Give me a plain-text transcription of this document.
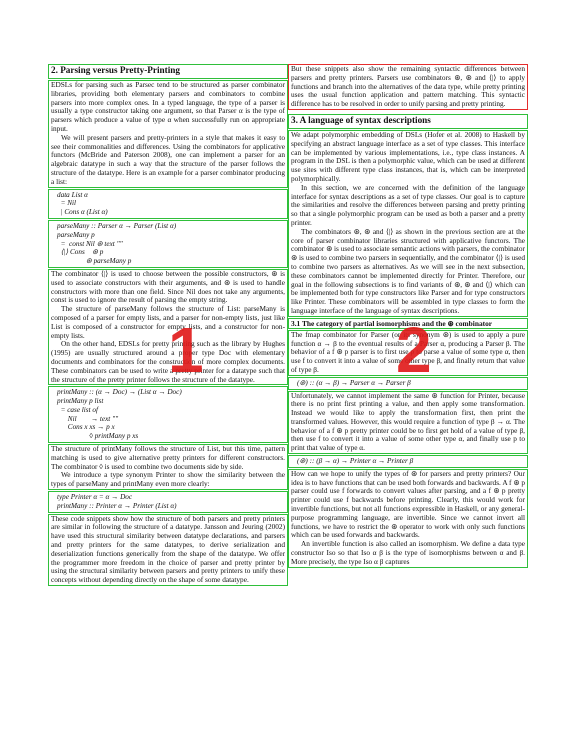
2. Parsing versus Pretty-Printing

EDSLs for parsing such as Parsec tend to be structured as parser combinator libraries, providing both elementary parsers and combinators to combine parsers into more complex ones. In a typed language, the type of a parser is usually a type constructor taking one argument, so that Parser α is the type of parsers which produce a value of type α when successfully run on appropriate input.

We will present parsers and pretty-printers in a style that makes it easy to see their commonalities and differences. Using the combinators for applicative functors (McBride and Paterson 2008), one can implement a parser for an algebraic datatype in such a way that the structure of the parser follows the structure of the datatype. Here is an example for a parser combinator producing a list:

data List α
= Nil
| Cons α (List α)
parseMany :: Parser α → Parser (List α)
parseMany p
=  const Nil ⊛ text ""
⟨|⟩ Cons    ⊛ p
⊛ parseMany p

The combinator ⟨|⟩ is used to choose between the possible constructors, ⊛ is used to associate constructors with their arguments, and ⊛ is used to handle constructors with more than one field. Since Nil does not take any arguments, const is used to ignore the result of parsing the empty string.

The structure of parseMany follows the structure of List: parseMany is composed of a parser for empty lists, and a parser for non-empty lists, just like List is composed of a constructor for empty lists, and a constructor for non-empty lists.

On the other hand, EDSLs for pretty printing such as the library by Hughes (1995) are usually structured around a proper type Doc with elementary documents and combinators for the construction of more complex documents. These combinators can be used to write a pretty printer for a datatype such that the structure of the pretty printer follows the structure of the datatype.

printMany :: (α → Doc) → (List α → Doc)
printMany p list
= case list of
Nil        → text ""
Cons x xs → p x
◊ printMany p xs

The structure of printMany follows the structure of List, but this time, pattern matching is used to give alternative pretty printers for different constructors. The combinator ◊ is used to combine two documents side by side.

We introduce a type synonym Printer to show the similarity between the types of parseMany and printMany even more clearly:

type Printer α = α → Doc
printMany :: Printer α → Printer (List α)

These code snippets show how the structure of both parsers and pretty printers are similar in following the structure of a datatype. Jansson and Jeuring (2002) have used this structural similarity between datatype declarations, and parsers and pretty printers for the same datatypes, to derive serialization and deserialization functions generically from the shape of the datatype. We offer the programmer more freedom in the choice of parser and pretty printer by using the structural similarity between parsers and pretty printers to unify these concepts without depending directly on the shape of some datatype.

But these snippets also show the remaining syntactic differences between parsers and pretty printers. Parsers use combinators ⊛, ⊛ and ⟨|⟩ to apply functions and branch into the alternatives of the data type, while pretty printing uses the usual function application and pattern matching. This syntactic difference has to be resolved in order to unify parsing and pretty printing.

3. A language of syntax descriptions

We adapt polymorphic embedding of DSLs (Hofer et al. 2008) to Haskell by specifying an abstract language interface as a set of type classes. This interface can be implemented by various implementations, i.e., type class instances. A program in the DSL is then a polymorphic value, which can be used at different use sites with different type class instances, that is, which can be interpreted polymorphically.

In this section, we are concerned with the definition of the language interface for syntax descriptions as a set of type classes. Our goal is to capture the similarities and resolve the differences between parsing and pretty printing so that a single polymorphic program can be used as both a parser and a pretty printer.

The combinators ⊛, ⊛ and ⟨|⟩ as shown in the previous section are at the core of parser combinator libraries structured with applicative functors. The combinator ⊛ is used to associate semantic actions with parsers, the combinator ⊛ is used to combine two parsers in sequentially, and the combinator ⟨|⟩ is used to combine two parsers as alternatives. As we will see in the next subsection, these combinators cannot be implemented directly for Printer. Therefore, our goal in the following subsections is to find variants of ⊛, ⊛ and ⟨|⟩ which can be implemented both for type constructors like Parser and for type constructors like Printer. These combinators will be assembled in type classes to form the language interface of the language of syntax descriptions.

3.1 The category of partial isomorphisms and the ⊛ combinator

The fmap combinator for Parser (or its synonym ⊛) is used to apply a pure function α → β to the eventual results of a Parser α, producing a Parser β. The behavior of a f ⊛ p parser is to first use p to parse a value of some type α, then use f to convert it into a value of some other type β, and finally return that value of type β.

(⊛) :: (α → β) → Parser α → Parser β

Unfortunately, we cannot implement the same ⊛ function for Printer, because there is no print first printing a value, and then apply some transformation. Instead we would like to apply the transformation first, then print the transformed values. However, this would require a function of type β → α. The behavior of a f ⊛ p pretty printer could be to first get hold of a value of type β, then use f to convert it into a value of some other type α, and finally use p to print that value of type α.

(⊛) :: (β → α) → Printer α → Printer β

How can we hope to unify the types of ⊛ for parsers and pretty printers? Our idea is to have functions that can be used both forwards and backwards. A f ⊛ p parser could use f forwards to convert values after parsing, and a f ⊛ p pretty printer could use f backwards before printing. Clearly, this would work for invertible functions, but not all functions expressible in Haskell, or any general-purpose programming language, are invertible. Since we cannot invert all functions, we have to restrict the ⊛ operator to work with only such functions which can be used forwards and backwards.

An invertible function is also called an isomorphism. We define a data type constructor Iso so that Iso α β is the type of isomorphisms between α and β. More precisely, the type Iso α β captures

1	2
